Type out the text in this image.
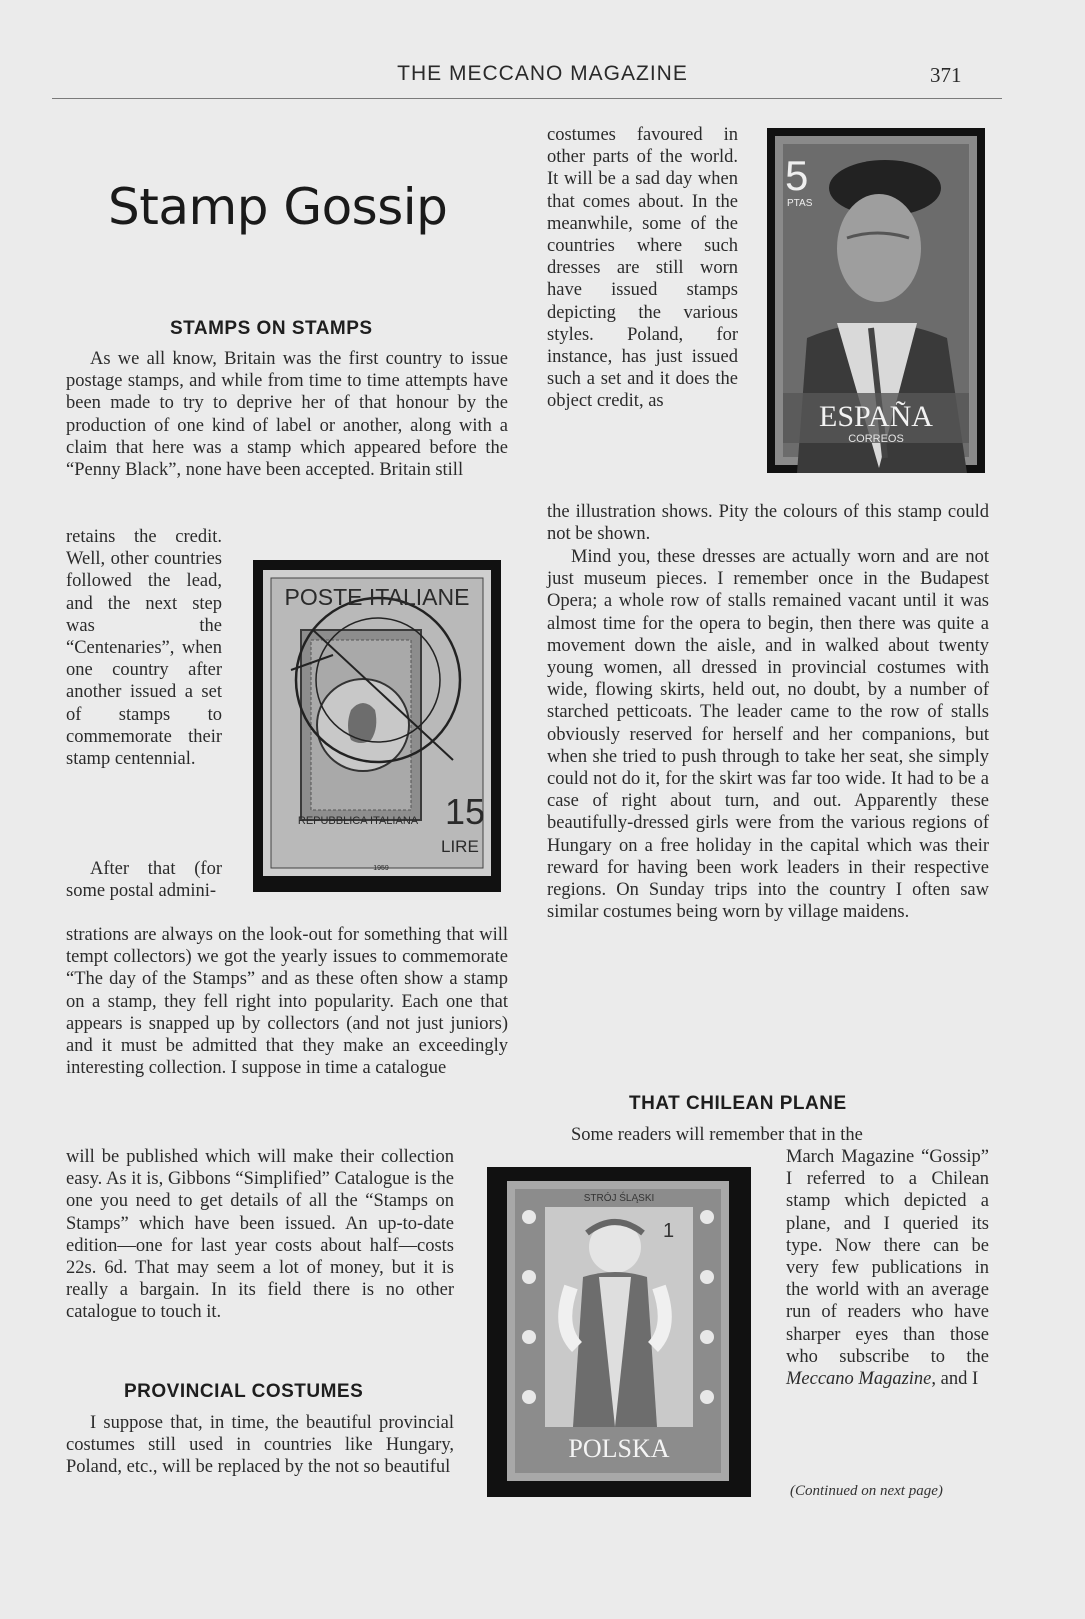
THE MECCANO MAGAZINE	371
Stamp Gossip
STAMPS ON STAMPS

As we all know, Britain was the first country to issue postage stamps, and while from time to time attempts have been made to try to deprive her of that honour by the production of one kind of label or another, along with a claim that here was a stamp which appeared before the “Penny Black”, none have been accepted. Britain still

retains the credit. Well, other countries followed the lead, and the next step was the “Centenaries”, when one country after another issued a set of stamps to commemorate their stamp centennial.

After that (for some postal admini-

strations are always on the look-out for something that will tempt collectors) we got the yearly issues to commemorate “The day of the Stamps” and as these often show a stamp on a stamp, they fell right into popularity. Each one that appears is snapped up by collectors (and not just juniors) and it must be admitted that they make an exceedingly interesting collection. I suppose in time a catalogue

will be published which will make their collection easy. As it is, Gibbons “Simplified” Catalogue is the one you need to get details of all the “Stamps on Stamps” which have been issued. An up-to-date edition—one for last year costs about half—costs 22s. 6d. That may seem a lot of money, but it is really a bargain. In its field there is no other catalogue to touch it.

PROVINCIAL COSTUMES

I suppose that, in time, the beautiful provincial costumes still used in countries like Hungary, Poland, etc., will be replaced by the not so beautiful

POSTE ITALIANE
REPUBBLICA ITALIANA 15
LIRE
1959

costumes favoured in other parts of the world. It will be a sad day when that comes about. In the meanwhile, some of the countries where such dresses are still worn have issued stamps depicting the various styles. Poland, for instance, has just issued such a set and it does the object credit, as

5
PTAS
ESPAÑA
CORREOS

the illustration shows. Pity the colours of this stamp could not be shown.

Mind you, these dresses are actually worn and are not just museum pieces. I remember once in the Budapest Opera; a whole row of stalls remained vacant until it was almost time for the opera to begin, then there was quite a movement down the aisle, and in walked about twenty young women, all dressed in provincial costumes with wide, flowing skirts, held out, no doubt, by a number of starched petticoats. The leader came to the row of stalls obviously reserved for herself and her companions, but when she tried to push through to take her seat, she simply could not do it, for the skirt was far too wide. It had to be a case of right about turn, and out. Apparently these beautifully-dressed girls were from the various regions of Hungary on a free holiday in the capital which was their reward for having been work leaders in their respective regions. On Sunday trips into the country I often saw similar costumes being worn by village maidens.

THAT CHILEAN PLANE

Some readers will remember that in the

March Magazine “Gossip” I referred to a Chilean stamp which depicted a plane, and I queried its type. Now there can be very few publications in the world with an average run of readers who have sharper eyes than those who subscribe to the Meccano Magazine, and I

STRÓJ ŚLĄSKI
1
POLSKA
(Continued on next page)
